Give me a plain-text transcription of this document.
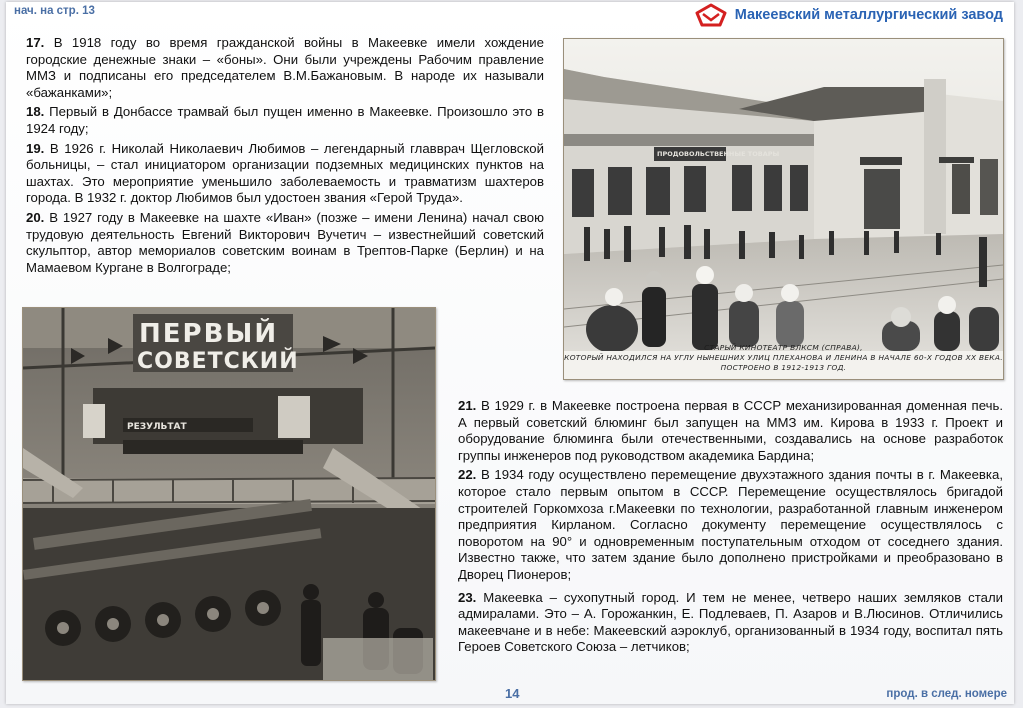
нач. на стр. 13	Макеевский металлургический завод

17. В 1918 году во время гражданской войны в Макеевке имели хождение городские денежные знаки – «боны». Они были учреждены Рабочим правление ММЗ и подписаны его председателем В.М.Бажановым. В народе их называли «бажанками»;

18. Первый в Донбассе трамвай был пущен именно в Макеевке. Произошло это в 1924 году;

19. В 1926 г. Николай Николаевич Любимов – легендарный главврач Щегловской больницы, – стал инициатором организации подземных медицинских пунктов на шахтах. Это мероприятие уменьшило заболеваемость и травматизм шахтеров города. В 1932 г. доктор Любимов был удостоен звания «Герой Труда».

20. В 1927 году в Макеевке на шахте «Иван» (позже – имени Ленина) начал свою трудовую деятельность Евгений Викторович Вучетич – известнейший советский скульптор, автор мемориалов советским воинам в Трептов-Парке (Берлин) и на Мамаевом Кургане в Волгограде;

СТАРЫЙ КИНОТЕАТР ВЛКСМ (СПРАВА),
КОТОРЫЙ НАХОДИЛСЯ НА УГЛУ НЫНЕШНИХ УЛИЦ ПЛЕХАНОВА И ЛЕНИНА В НАЧАЛЕ 60-Х ГОДОВ ХХ ВЕКА.
ПОСТРОЕНО В 1912-1913 ГОД.
ПЕРВЫЙ
СОВЕТСКИЙ
РЕЗУЛЬТАТ

21. В 1929 г. в Макеевке построена первая в СССР механизированная доменная печь. А первый советский блюминг был запущен на ММЗ им. Кирова в 1933 г. Проект и оборудование блюминга были отечественными, создавались на основе разработок группы инженеров под руководством академика Бардина;

22. В 1934 году осуществлено перемещение двухэтажного здания почты в г. Макеевка, которое стало первым опытом в СССР. Перемещение осуществлялось бригадой строителей Горкомхоза г.Макеевки по технологии, разработанной главным инженером предприятия Кирланом. Согласно документу перемещение осуществлялось с поворотом на 90° и одновременным поступательным отходом от соседнего здания. Известно также, что затем здание было дополнено пристройками и преобразовано в Дворец Пионеров;

23. Макеевка – сухопутный город. И тем не менее, четверо наших земляков стали адмиралами. Это – А. Горожанкин, Е. Подлеваев, П. Азаров и В.Люсинов. Отличились макеевчане и в небе: Макеевский аэроклуб, организованный в 1934 году, воспитал пять Героев Советского Союза – летчиков;

14	прод. в след. номере
ПРОДОВОЛЬСТВЕННЫЕ ТОВАРЫ
